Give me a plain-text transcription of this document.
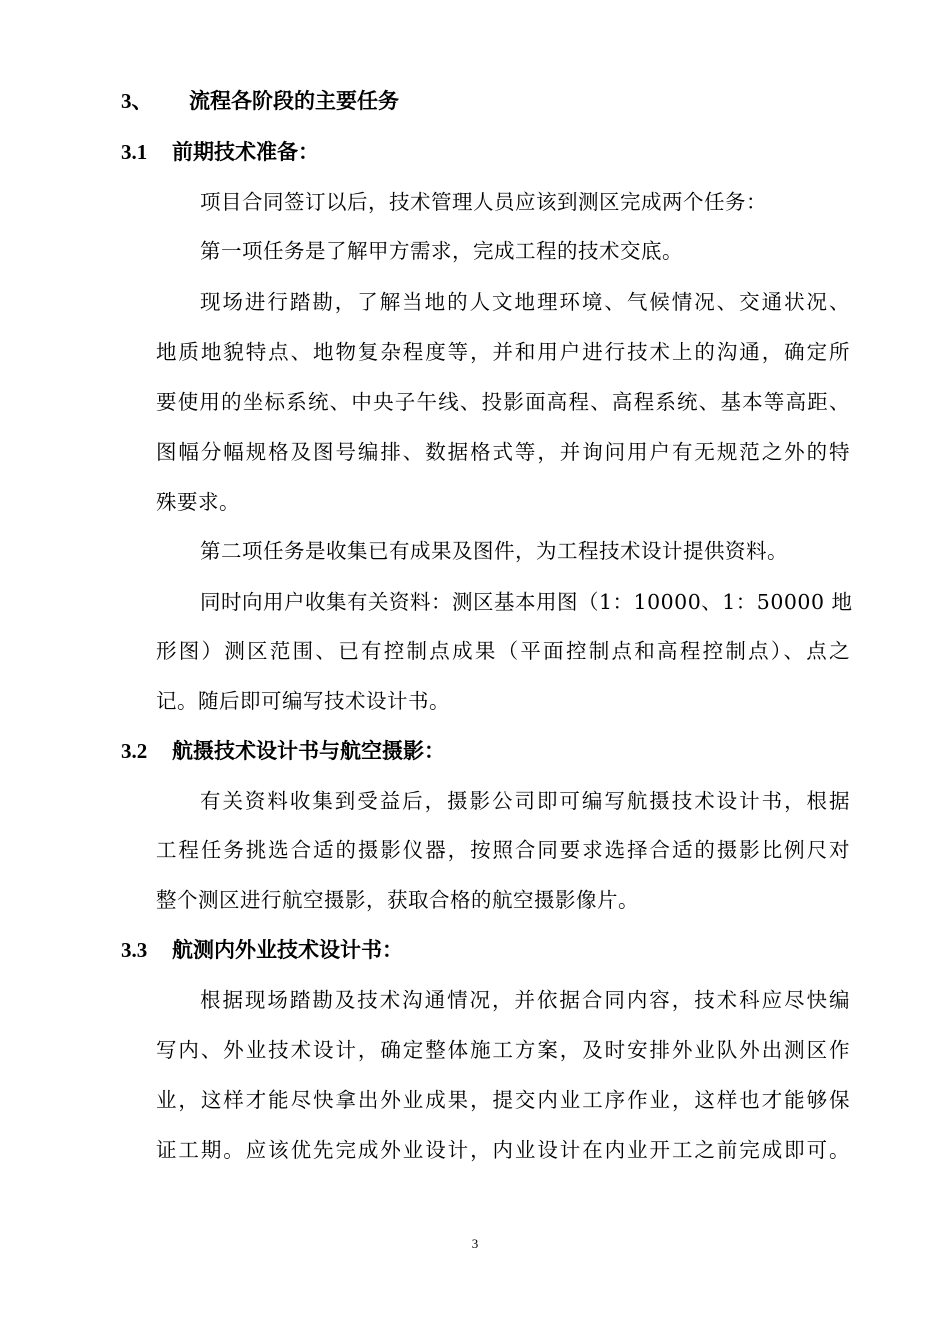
3、 流程各阶段的主要任务
3.1 前期技术准备：
项目合同签订以后，技术管理人员应该到测区完成两个任务：
第一项任务是了解甲方需求，完成工程的技术交底。
现场进行踏勘，了解当地的人文地理环境、气候情况、交通状况、
地质地貌特点、地物复杂程度等，并和用户进行技术上的沟通，确定所
要使用的坐标系统、中央子午线、投影面高程、高程系统、基本等高距、
图幅分幅规格及图号编排、数据格式等，并询问用户有无规范之外的特
殊要求。
第二项任务是收集已有成果及图件，为工程技术设计提供资料。
同时向用户收集有关资料：测区基本用图（1：10000、1：50000 地
形图）测区范围、已有控制点成果（平面控制点和高程控制点）、点之
记。随后即可编写技术设计书。
3.2 航摄技术设计书与航空摄影：
有关资料收集到受益后，摄影公司即可编写航摄技术设计书，根据
工程任务挑选合适的摄影仪器，按照合同要求选择合适的摄影比例尺对
整个测区进行航空摄影，获取合格的航空摄影像片。
3.3 航测内外业技术设计书：
根据现场踏勘及技术沟通情况，并依据合同内容，技术科应尽快编
写内、外业技术设计，确定整体施工方案，及时安排外业队外出测区作
业，这样才能尽快拿出外业成果，提交内业工序作业，这样也才能够保
证工期。应该优先完成外业设计，内业设计在内业开工之前完成即可。
3
